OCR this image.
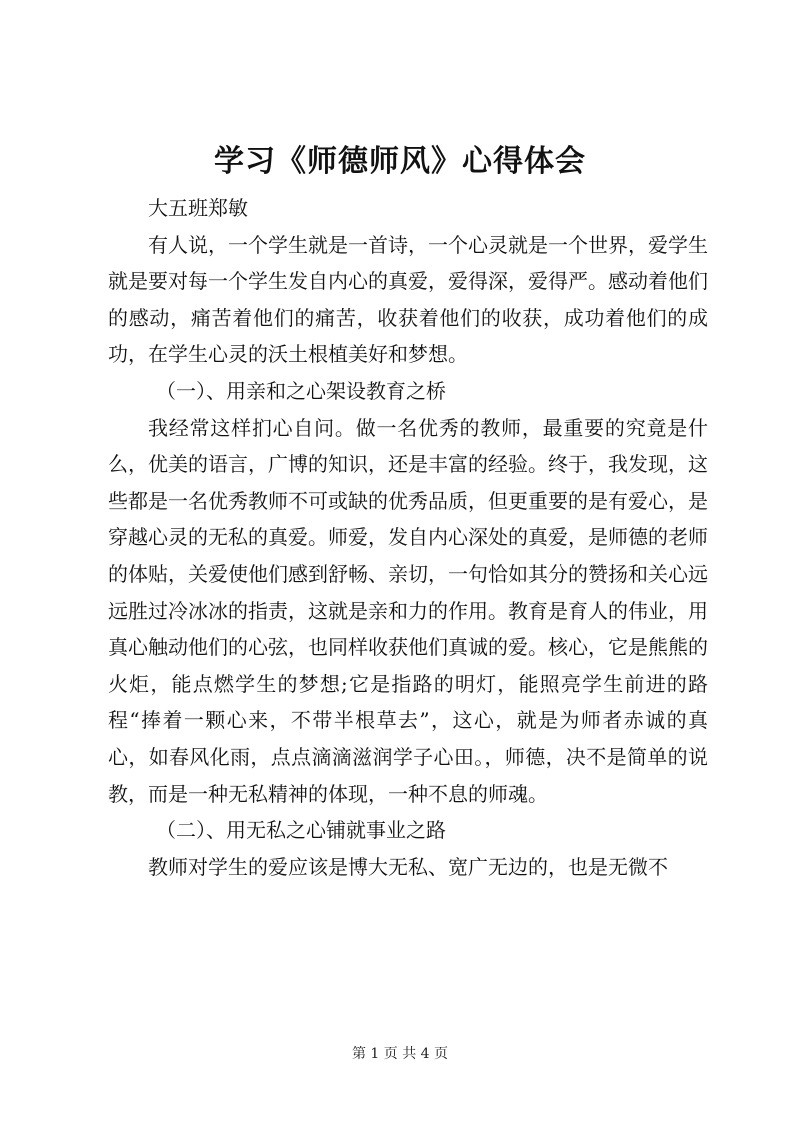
学习《师德师风》心得体会

大五班郑敏

有人说，一个学生就是一首诗，一个心灵就是一个世界，爱学生就是要对每一个学生发自内心的真爱，爱得深，爱得严。感动着他们的感动，痛苦着他们的痛苦，收获着他们的收获，成功着他们的成功，在学生心灵的沃土根植美好和梦想。

（一）、用亲和之心架设教育之桥

我经常这样扪心自问。做一名优秀的教师，最重要的究竟是什么，优美的语言，广博的知识，还是丰富的经验。终于，我发现，这些都是一名优秀教师不可或缺的优秀品质，但更重要的是有爱心，是穿越心灵的无私的真爱。师爱，发自内心深处的真爱，是师德的老师的体贴，关爱使他们感到舒畅、亲切，一句恰如其分的赞扬和关心远远胜过冷冰冰的指责，这就是亲和力的作用。教育是育人的伟业，用真心触动他们的心弦，也同样收获他们真诚的爱。核心，它是熊熊的火炬，能点燃学生的梦想;它是指路的明灯，能照亮学生前进的路程“捧着一颗心来，不带半根草去”，这心，就是为师者赤诚的真心，如春风化雨，点点滴滴滋润学子心田。，师德，决不是简单的说教，而是一种无私精神的体现，一种不息的师魂。

（二）、用无私之心铺就事业之路

教师对学生的爱应该是博大无私、宽广无边的，也是无微不

第 1 页 共 4 页
